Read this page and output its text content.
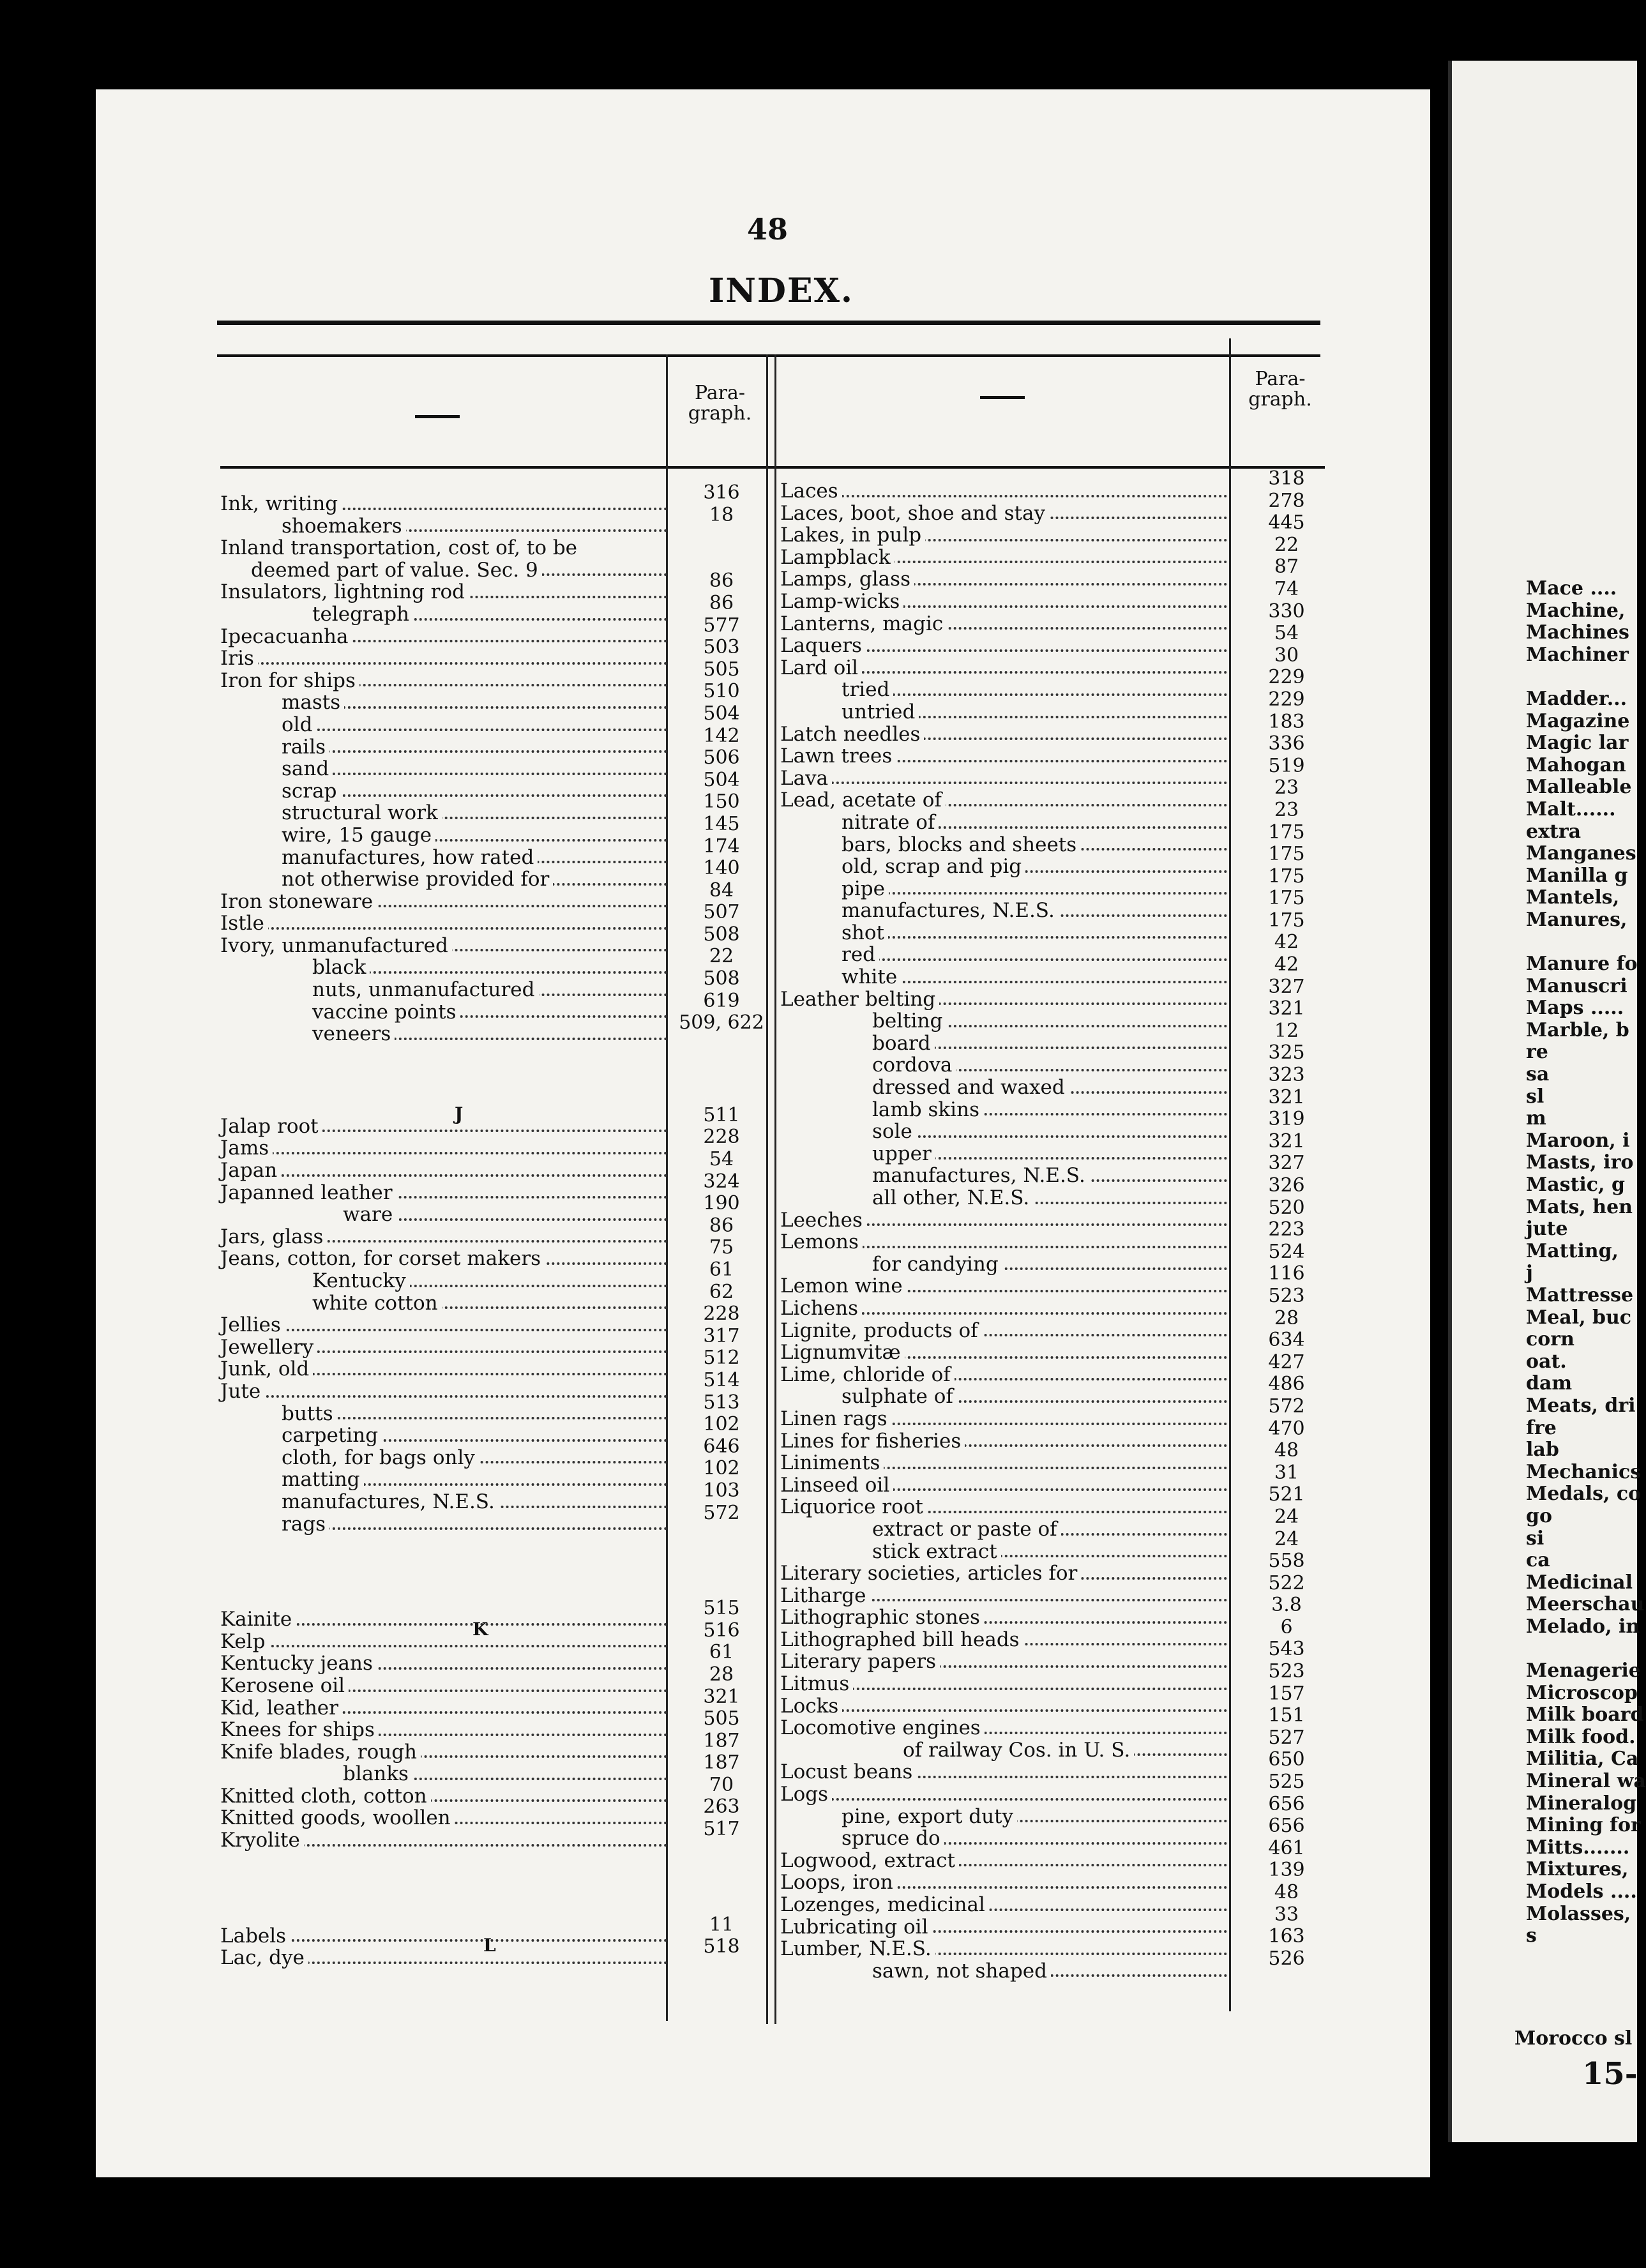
48
INDEX.
Para-
graph.
Para-
graph.
Ink, writing
shoemakers
Inland transportation, cost of, to be
deemed part of value. Sec. 9
Insulators, lightning rod
telegraph
Ipecacuanha
Iris
Iron for ships
masts
old
rails
sand
scrap
structural work
wire, 15 gauge
manufactures, how rated
not otherwise provided for
Iron stoneware
Istle
Ivory, unmanufactured
black
nuts, unmanufactured
vaccine points
veneers
Jalap root
Jams
Japan
Japanned leather
ware
Jars, glass
Jeans, cotton, for corset makers
Kentucky
white cotton
Jellies
Jewellery
Junk, old
Jute
butts
carpeting
cloth, for bags only
matting
manufactures, N.E.S.
rags
Kainite
Kelp
Kentucky jeans
Kerosene oil
Kid, leather
Knees for ships
Knife blades, rough
blanks
Knitted cloth, cotton
Knitted goods, woollen
Kryolite
Labels
Lac, dye
316
18
86
86
577
503
505
510
504
142
506
504
150
145
174
140
84
507
508
22
508
619
509, 622
511
228
54
324
190
86
75
61
62
228
317
512
514
513
102
646
102
103
572
515
516
61
28
321
505
187
187
70
263
517
11
518
J
K
L
Laces
Laces, boot, shoe and stay
Lakes, in pulp
Lampblack
Lamps, glass
Lamp-wicks
Lanterns, magic
Laquers
Lard oil
tried
untried
Latch needles
Lawn trees
Lava
Lead, acetate of
nitrate of
bars, blocks and sheets
old, scrap and pig
pipe
manufactures, N.E.S.
shot
red
white
Leather belting
belting
board
cordova
dressed and waxed
lamb skins
sole
upper
manufactures, N.E.S.
all other, N.E.S.
Leeches
Lemons
for candying
Lemon wine
Lichens
Lignite, products of
Lignumvitæ
Lime, chloride of
sulphate of
Linen rags
Lines for fisheries
Liniments
Linseed oil
Liquorice root
extract or paste of
stick extract
Literary societies, articles for
Litharge
Lithographic stones
Lithographed bill heads
Literary papers
Litmus
Locks
Locomotive engines
of railway Cos. in U. S.
Locust beans
Logs
pine, export duty
spruce do
Logwood, extract
Loops, iron
Lozenges, medicinal
Lubricating oil
Lumber, N.E.S.
sawn, not shaped
318
278
445
22
87
74
330
54
30
229
229
183
336
519
23
23
175
175
175
175
175
42
42
327
321
12
325
323
321
319
321
327
326
520
223
524
116
523
28
634
427
486
572
470
48
31
521
24
24
558
522
3.8
6
543
523
157
151
527
650
525
656
656
461
139
48
33
163
526
Mace ....
Machine,
Machines
Machiner
Madder...
Magazine
Magic lar
Mahogan
Malleable
Malt......
extra
Manganes
Manilla g
Mantels,
Manures,
Manure fo
Manuscri
Maps .....
Marble, b
re
sa
sl
m
Maroon, i
Masts, iro
Mastic, g
Mats, hen
jute
Matting,
j
Mattresse
Meal, buc
corn
oat.
dam
Meats, dri
fre
lab
Mechanics
Medals, co
go
si
ca
Medicinal
Meerschau
Melado, in
Menagerie
Microscop
Milk board
Milk food.
Militia, Ca
Mineral wa
Mineralog
Mining for
Mitts.......
Mixtures,
Models ....
Molasses,
s
Morocco sl
15-
